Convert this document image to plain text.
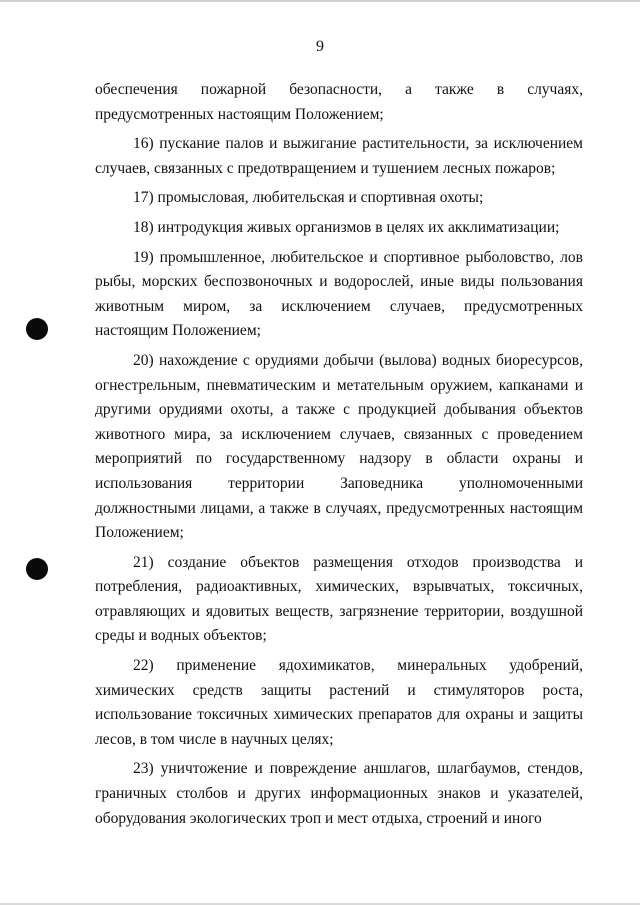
9

обеспечения пожарной безопасности, а также в случаях, предусмотренных настоящим Положением;

16) пускание палов и выжигание растительности, за исключением случаев, связанных с предотвращением и тушением лесных пожаров;

17) промысловая, любительская и спортивная охоты;

18) интродукция живых организмов в целях их акклиматизации;

19) промышленное, любительское и спортивное рыболовство, лов рыбы, морских беспозвоночных и водорослей, иные виды пользования животным миром, за исключением случаев, предусмотренных настоящим Положением;

20) нахождение с орудиями добычи (вылова) водных биоресурсов, огнестрельным, пневматическим и метательным оружием, капканами и другими орудиями охоты, а также с продукцией добывания объектов животного мира, за исключением случаев, связанных с проведением мероприятий по государственному надзору в области охраны и использования территории Заповедника уполномоченными должностными лицами, а также в случаях, предусмотренных настоящим Положением;

21) создание объектов размещения отходов производства и потребления, радиоактивных, химических, взрывчатых, токсичных, отравляющих и ядовитых веществ, загрязнение территории, воздушной среды и водных объектов;

22) применение ядохимикатов, минеральных удобрений, химических средств защиты растений и стимуляторов роста, использование токсичных химических препаратов для охраны и защиты лесов, в том числе в научных целях;

23) уничтожение и повреждение аншлагов, шлагбаумов, стендов, граничных столбов и других информационных знаков и указателей, оборудования экологических троп и мест отдыха, строений и иного
